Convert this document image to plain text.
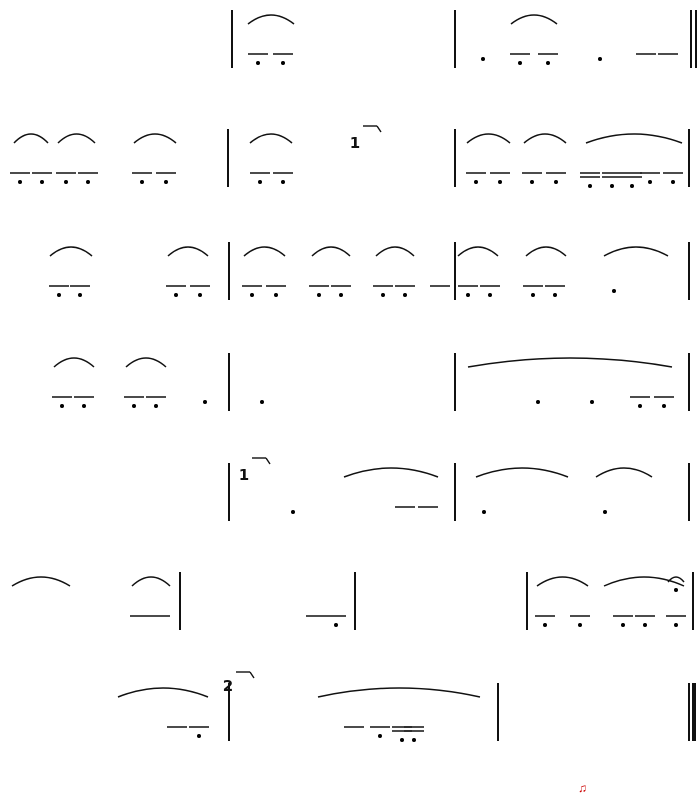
1
1
2
♫
